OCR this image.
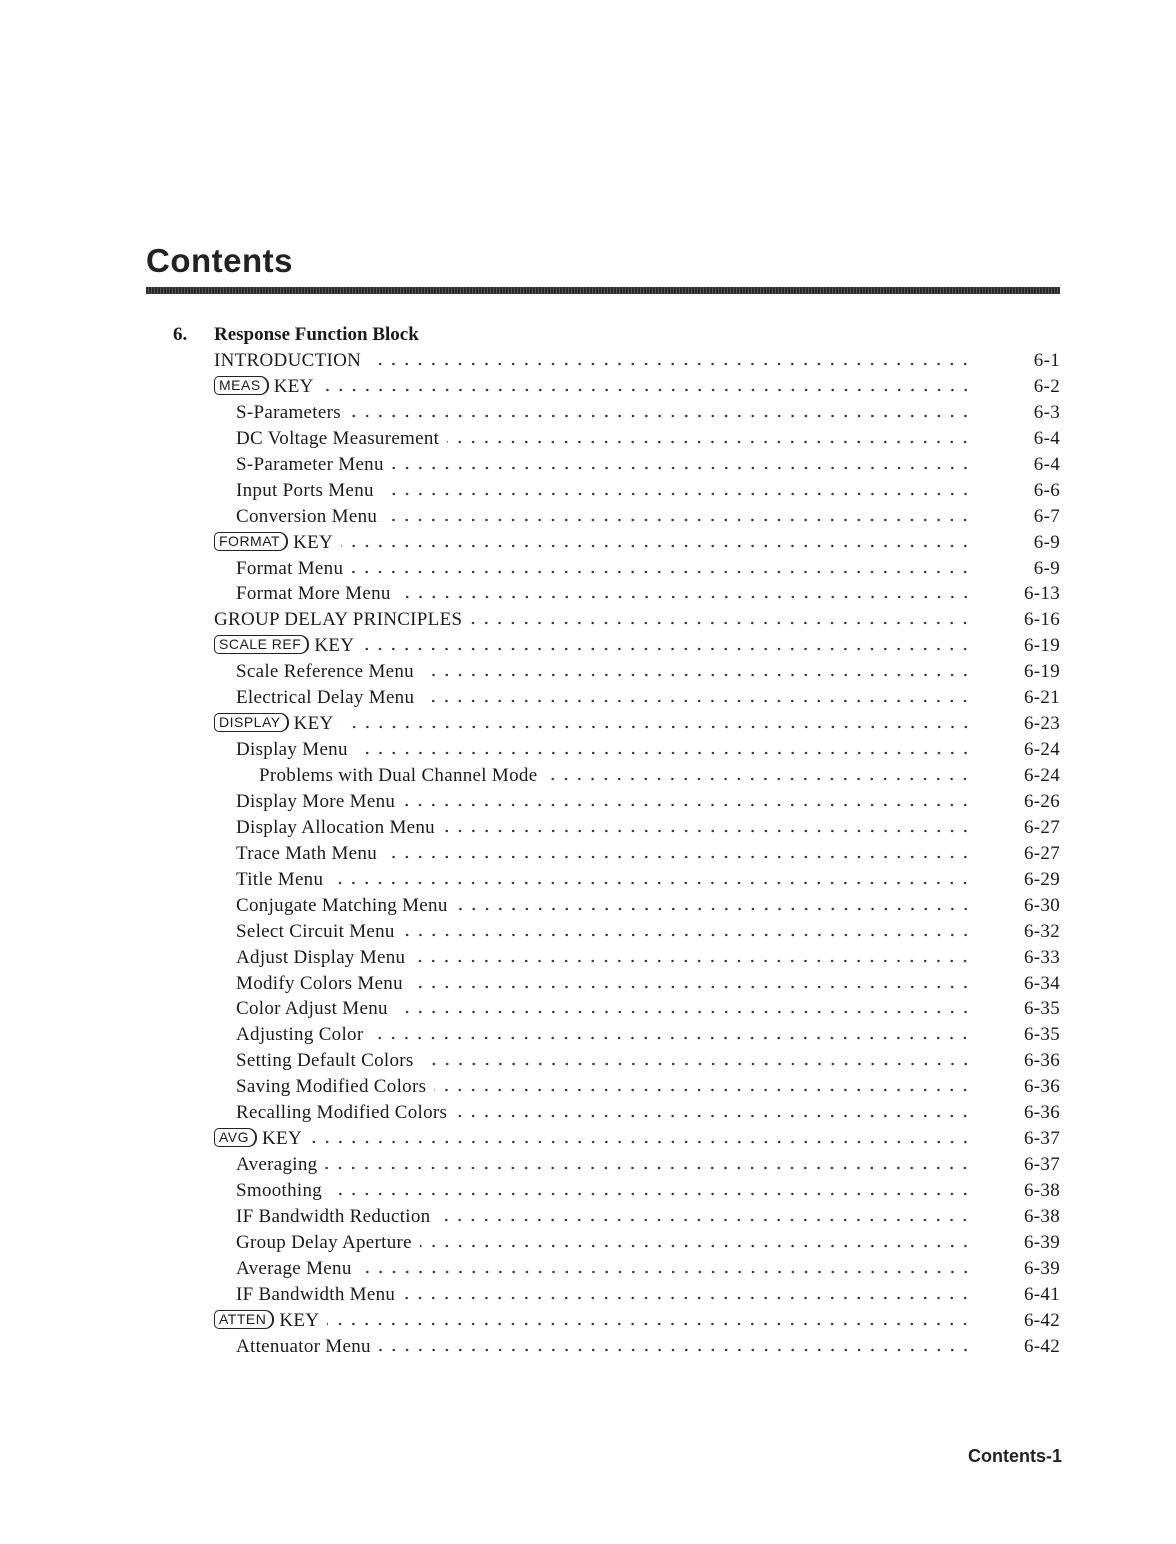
Contents
6. Response Function Block
INTRODUCTION	6-1
MEAS KEY	6-2
S-Parameters	6-3
DC Voltage Measurement	6-4
S-Parameter Menu	6-4
Input Ports Menu	6-6
Conversion Menu	6-7
FORMAT KEY	6-9
Format Menu	6-9
Format More Menu	6-13
GROUP DELAY PRINCIPLES	6-16
SCALE REF KEY	6-19
Scale Reference Menu	6-19
Electrical Delay Menu	6-21
DISPLAY KEY	6-23
Display Menu	6-24
Problems with Dual Channel Mode	6-24
Display More Menu	6-26
Display Allocation Menu	6-27
Trace Math Menu	6-27
Title Menu	6-29
Conjugate Matching Menu	6-30
Select Circuit Menu	6-32
Adjust Display Menu	6-33
Modify Colors Menu	6-34
Color Adjust Menu	6-35
Adjusting Color	6-35
Setting Default Colors	6-36
Saving Modified Colors	6-36
Recalling Modified Colors	6-36
AVG KEY	6-37
Averaging	6-37
Smoothing	6-38
IF Bandwidth Reduction	6-38
Group Delay Aperture	6-39
Average Menu	6-39
IF Bandwidth Menu	6-41
ATTEN KEY	6-42
Attenuator Menu	6-42
Contents-1
